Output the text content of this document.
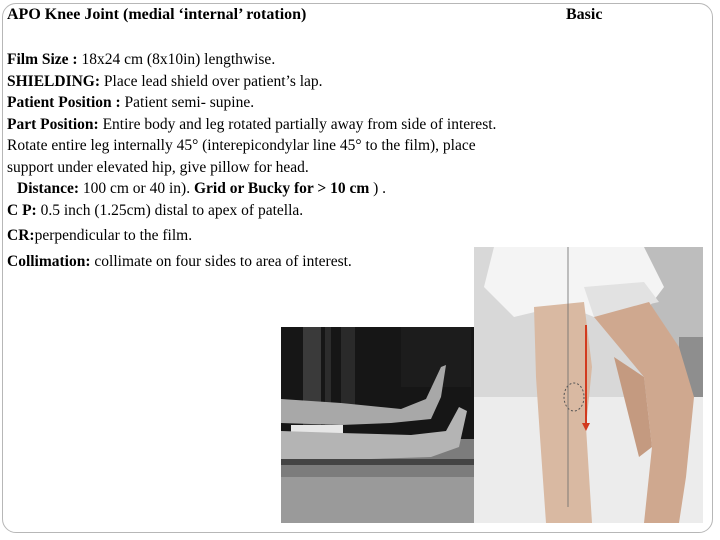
APO Knee Joint (medial ‘internal’ rotation)	Basic
Film Size : 18x24 cm (8x10in) lengthwise.
SHIELDING: Place lead shield over patient’s lap.
Patient Position : Patient semi- supine.
Part Position: Entire body and leg rotated partially away from side of interest.
Rotate entire leg internally 45° (interepicondylar line 45° to the film), place
support under elevated hip, give pillow for head.
Distance: 100 cm or 40 in). Grid or Bucky for > 10 cm ) .
C P: 0.5 inch (1.25cm) distal to apex of patella.
CR:perpendicular to the film.
Collimation: collimate on four sides to area of interest.
